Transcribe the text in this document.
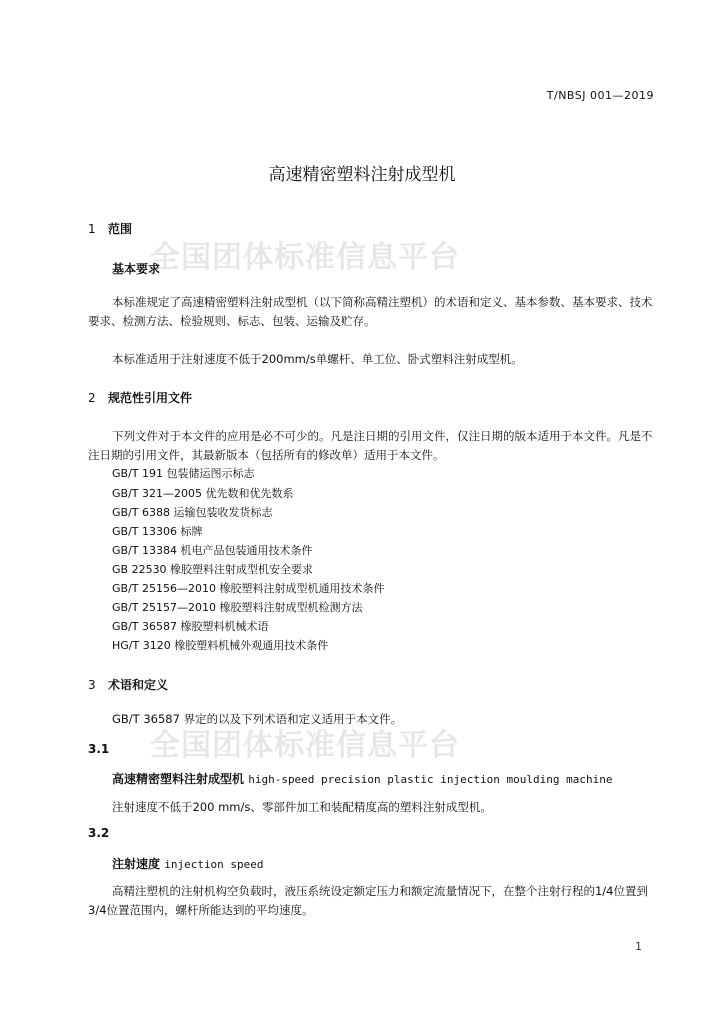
T/NBSJ 001—2019
高速精密塑料注射成型机
全国团体标准信息平台
全国团体标准信息平台
1 范围
基本要求
本标准规定了高速精密塑料注射成型机（以下简称高精注塑机）的术语和定义、基本参数、基本要求、技术要求、检测方法、检验规则、标志、包装、运输及贮存。
本标准适用于注射速度不低于200mm/s单螺杆、单工位、卧式塑料注射成型机。
2 规范性引用文件
下列文件对于本文件的应用是必不可少的。凡是注日期的引用文件，仅注日期的版本适用于本文件。凡是不注日期的引用文件，其最新版本（包括所有的修改单）适用于本文件。
GB/T 191 包装储运图示标志
GB/T 321—2005 优先数和优先数系
GB/T 6388 运输包装收发货标志
GB/T 13306 标牌
GB/T 13384 机电产品包装通用技术条件
GB 22530 橡胶塑料注射成型机安全要求
GB/T 25156—2010 橡胶塑料注射成型机通用技术条件
GB/T 25157—2010 橡胶塑料注射成型机检测方法
GB/T 36587 橡胶塑料机械术语
HG/T 3120 橡胶塑料机械外观通用技术条件
3 术语和定义
GB/T 36587 界定的以及下列术语和定义适用于本文件。
3.1
高速精密塑料注射成型机 high-speed precision plastic injection moulding machine
注射速度不低于200 mm/s、零部件加工和装配精度高的塑料注射成型机。
3.2
注射速度 injection speed
高精注塑机的注射机构空负载时，液压系统设定额定压力和额定流量情况下，在整个注射行程的1/4位置到3/4位置范围内，螺杆所能达到的平均速度。
1
